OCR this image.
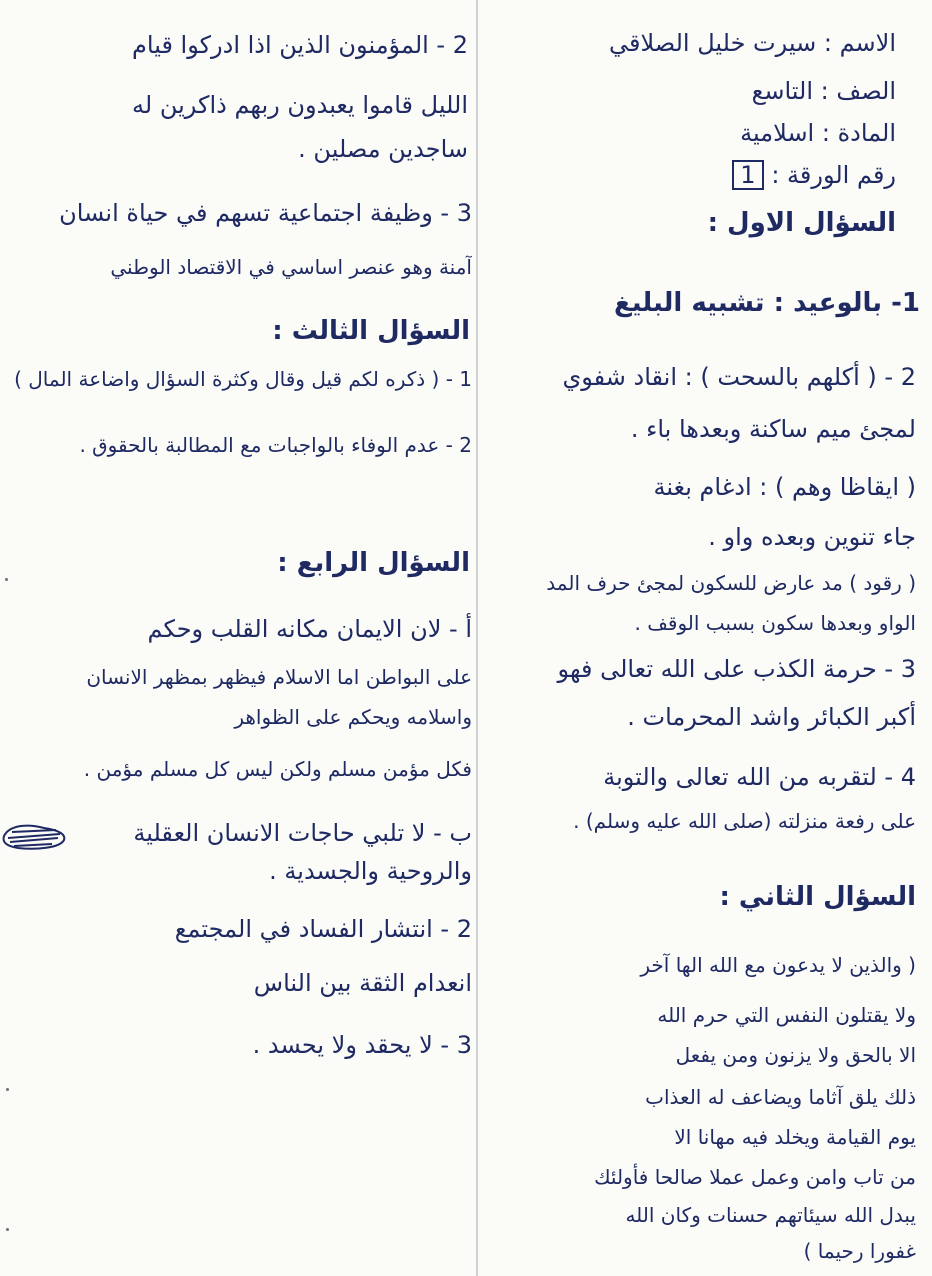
الاسم : سيرت خليل الصلاقي
الصف : التاسع
المادة : اسلامية
رقم الورقة : 1
السؤال الاول :
1- بالوعيد : تشبيه البليغ
2 - ( أكلهم بالسحت ) : انقاد شفوي
لمجئ ميم ساكنة وبعدها باء .
( ايقاظا وهم ) : ادغام بغنة
جاء تنوين وبعده واو .
( رقود ) مد عارض للسكون لمجئ حرف المد
الواو وبعدها سكون بسبب الوقف .
3 - حرمة الكذب على الله تعالى فهو
أكبر الكبائر واشد المحرمات .
4 - لتقربه من الله تعالى والتوبة
على رفعة منزلته (صلى الله عليه وسلم) .
السؤال الثاني :
( والذين لا يدعون مع الله الها آخر
ولا يقتلون النفس التي حرم الله
الا بالحق ولا يزنون ومن يفعل
ذلك يلق آثاما ويضاعف له العذاب
يوم القيامة ويخلد فيه مهانا الا
من تاب وامن وعمل عملا صالحا فأولئك
يبدل الله سيئاتهم حسنات وكان الله
غفورا رحيما )
2 - المؤمنون الذين اذا ادركوا قيام
الليل قاموا يعبدون ربهم ذاكرين له
ساجدين مصلين .
3 - وظيفة اجتماعية تسهم في حياة انسان
آمنة وهو عنصر اساسي في الاقتصاد الوطني
السؤال الثالث :
1 - ( ذكره لكم قيل وقال وكثرة السؤال واضاعة المال )
2 - عدم الوفاء بالواجبات مع المطالبة بالحقوق .
السؤال الرابع :
أ - لان الايمان مكانه القلب وحكم
على البواطن اما الاسلام فيظهر بمظهر الانسان
واسلامه ويحكم على الظواهر
فكل مؤمن مسلم ولكن ليس كل مسلم مؤمن .
ب - لا تلبي حاجات الانسان العقلية
والروحية والجسدية .
2 - انتشار الفساد في المجتمع
انعدام الثقة بين الناس
3 - لا يحقد ولا يحسد .
